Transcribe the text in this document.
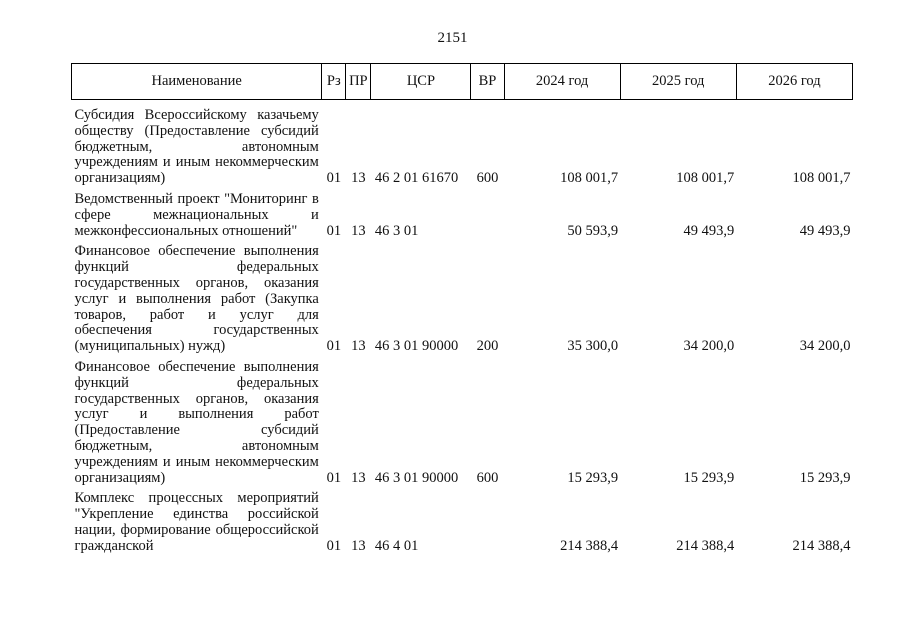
2151
Наименование	Рз	ПР	ЦСР	ВР	2024 год	2025 год	2026 год
Субсидия Всероссийскому казачьему обществу (Предоставление субсидий бюджетным, автономным учреждениям и иным некоммерческим организациям)	01	13	46 2 01 61670	600	108 001,7	108 001,7	108 001,7
Ведомственный проект "Мониторинг в сфере межнациональных и межконфессиональных отношений"	01	13	46 3 01		50 593,9	49 493,9	49 493,9
Финансовое обеспечение выполнения функций федеральных государственных органов, оказания услуг и выполнения работ (Закупка товаров, работ и услуг для обеспечения государственных (муниципальных) нужд)	01	13	46 3 01 90000	200	35 300,0	34 200,0	34 200,0
Финансовое обеспечение выполнения функций федеральных государственных органов, оказания услуг и выполнения работ (Предоставление субсидий бюджетным, автономным учреждениям и иным некоммерческим организациям)	01	13	46 3 01 90000	600	15 293,9	15 293,9	15 293,9
Комплекс процессных мероприятий "Укрепление единства российской нации, формирование общероссийской гражданской	01	13	46 4 01		214 388,4	214 388,4	214 388,4
